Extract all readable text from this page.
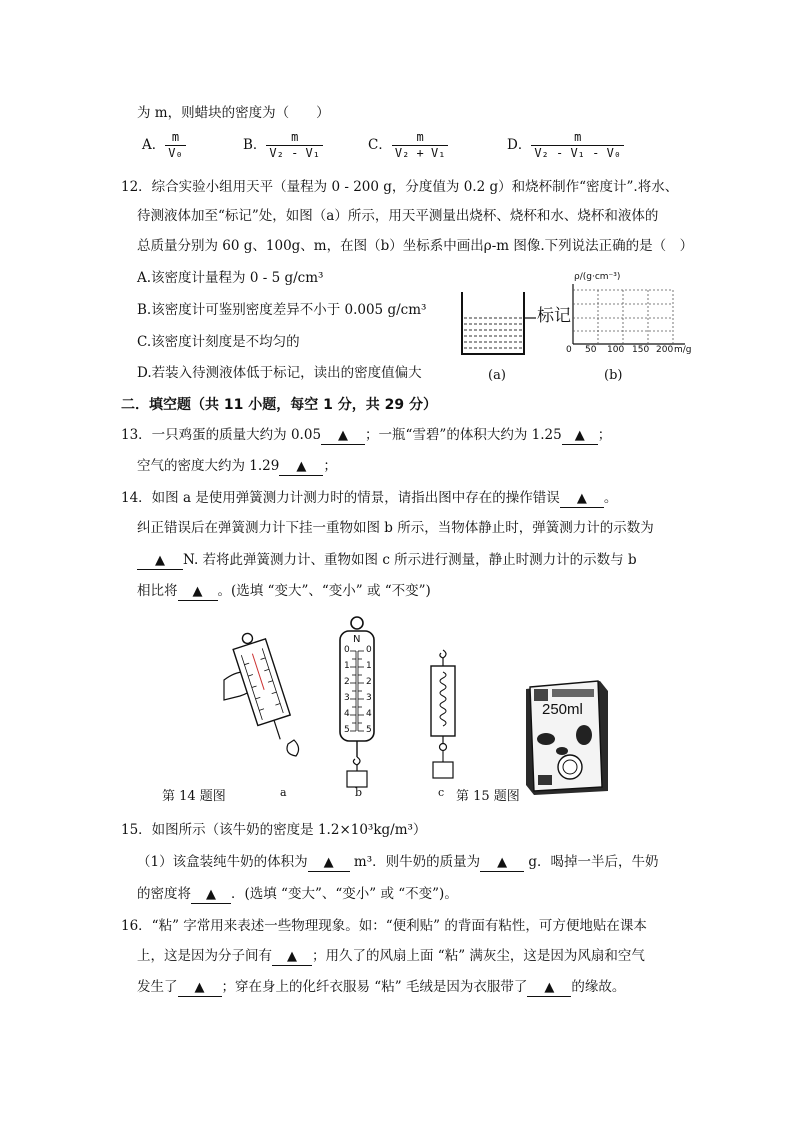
为 m，则蜡块的密度为（　　）
A． $\frac{m}{\text{V₀}}$	B． $\frac{m}{\text{V₂ - V₁}}$	C． $\frac{m}{\text{V₂ + V₁}}$	D． $\frac{m}{\text{V₂ - V₁ - V₀}}$
12．综合实验小组用天平（量程为 0 - 200 g，分度值为 0.2 g）和烧杯制作“密度计”.将水、
待测液体加至“标记”处，如图（a）所示，用天平测量出烧杯、烧杯和水、烧杯和液体的
总质量分别为 60 g、100g、m，在图（b）坐标系中画出ρ-m 图像.下列说法正确的是（　）
A.该密度计量程为 0 - 5 g/cm³
B.该密度计可鉴别密度差异不小于 0.005 g/cm³
C.该密度计刻度是不均匀的
D.若装入待测液体低于标记，读出的密度值偏大
标记
(a)
ρ/(g·cm⁻³)
0 50 100 150 200 m/g
(b)
二．填空题（共 11 小题，每空 1 分，共 29 分）
13．一只鸡蛋的质量大约为 0.05 ▲ ；一瓶“雪碧”的体积大约为 1.25 ▲ ；
空气的密度大约为 1.29 ▲ ；
14．如图 a 是使用弹簧测力计测力时的情景，请指出图中存在的操作错误 ▲ 。
纠正错误后在弹簧测力计下挂一重物如图 b 所示，当物体静止时，弹簧测力计的示数为
▲ N. 若将此弹簧测力计、重物如图 c 所示进行测量，静止时测力计的示数与 b
相比将 ▲ 。(选填 “变大”、“变小” 或 “不变”)
N
0
1
2
3
4
5
0
1
2
3
4
5
250ml
第 14 题图	a	b	c 第 15 题图
15．如图所示（该牛奶的密度是 1.2×10³kg/m³）
（1）该盒装纯牛奶的体积为 ▲ m³．则牛奶的质量为 ▲ g．喝掉一半后，牛奶
的密度将 ▲ ．(选填 “变大”、“变小” 或 “不变”)。
16．“粘” 字常用来表述一些物理现象。如：“便利贴” 的背面有粘性，可方便地贴在课本
上，这是因为分子间有 ▲ ；用久了的风扇上面 “粘” 满灰尘，这是因为风扇和空气
发生了 ▲ ；穿在身上的化纤衣服易 “粘” 毛绒是因为衣服带了 ▲ 的缘故。
